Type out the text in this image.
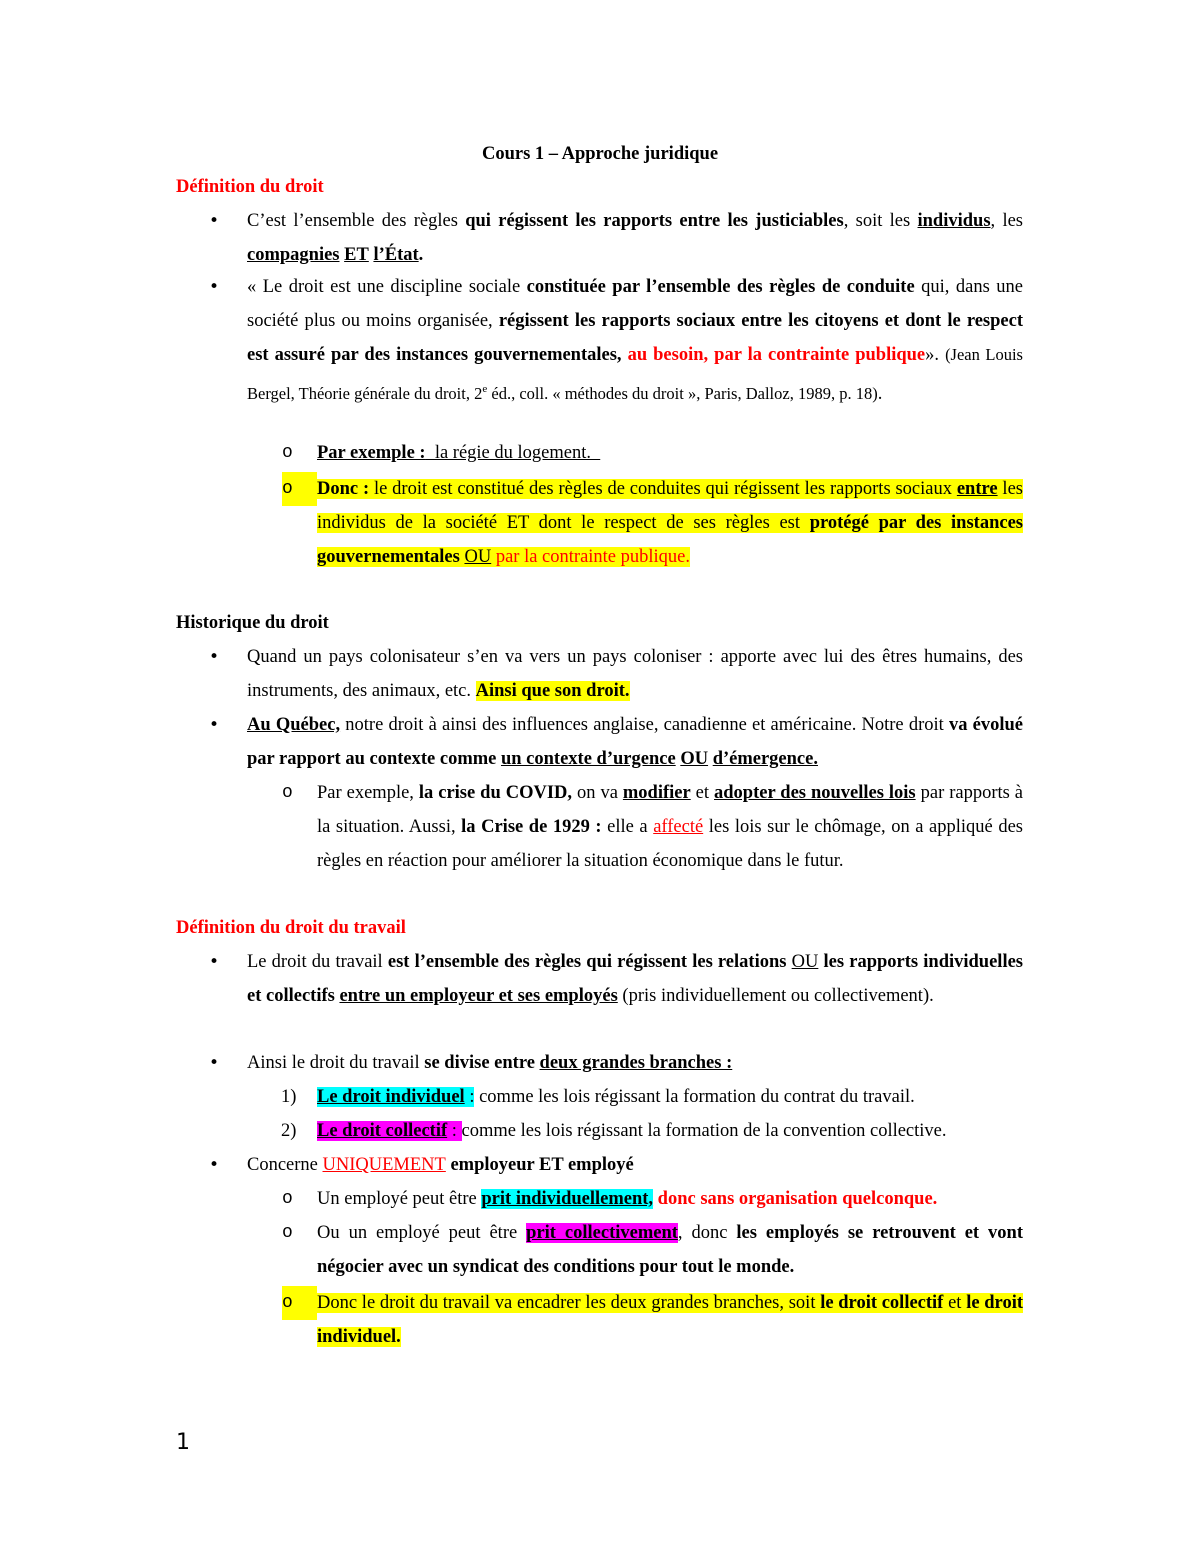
Cours 1 – Approche juridique
Définition du droit
•	C’est l’ensemble des règles qui régissent les rapports entre les justiciables, soit les individus, les compagnies ET l’État.
•	« Le droit est une discipline sociale constituée par l’ensemble des règles de conduite qui, dans une société plus ou moins organisée, régissent les rapports sociaux entre les citoyens et dont le respect est assuré par des instances gouvernementales, au besoin, par la contrainte publique». (Jean Louis Bergel, Théorie générale du droit, 2e éd., coll. « méthodes du droit », Paris, Dalloz, 1989, p. 18).
o	Par exemple :  la régie du logement.
o	Donc : le droit est constitué des règles de conduites qui régissent les rapports sociaux entre les individus de la société ET dont le respect de ses règles est protégé par des instances gouvernementales OU par la contrainte publique.
Historique du droit
•	Quand un pays colonisateur s’en va vers un pays coloniser : apporte avec lui des êtres humains, des instruments, des animaux, etc. Ainsi que son droit.
•	Au Québec, notre droit à ainsi des influences anglaise, canadienne et américaine. Notre droit va évolué par rapport au contexte comme un contexte d’urgence OU d’émergence.
o	Par exemple, la crise du COVID, on va modifier et adopter des nouvelles lois par rapports à la situation. Aussi, la Crise de 1929 : elle a affecté les lois sur le chômage, on a appliqué des règles en réaction pour améliorer la situation économique dans le futur.
Définition du droit du travail
•	Le droit du travail est l’ensemble des règles qui régissent les relations OU les rapports individuelles et collectifs entre un employeur et ses employés (pris individuellement ou collectivement).
•	Ainsi le droit du travail se divise entre deux grandes branches :
1)	Le droit individuel : comme les lois régissant la formation du contrat du travail.
2)	Le droit collectif : comme les lois régissant la formation de la convention collective.
•	Concerne UNIQUEMENT employeur ET employé
o	Un employé peut être prit individuellement, donc sans organisation quelconque.
o	Ou un employé peut être prit collectivement, donc les employés se retrouvent et vont négocier avec un syndicat des conditions pour tout le monde.
o	Donc le droit du travail va encadrer les deux grandes branches, soit le droit collectif et le droit individuel.
1
